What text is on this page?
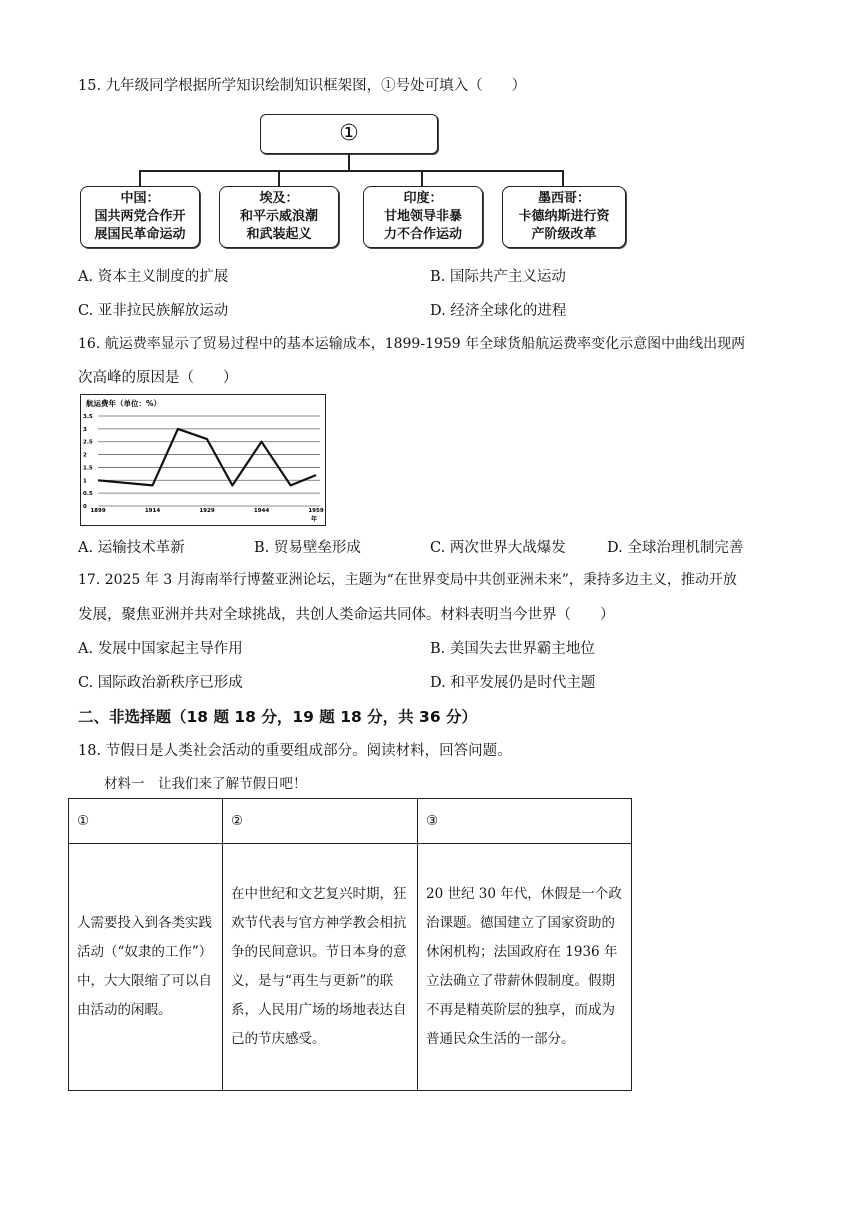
15. 九年级同学根据所学知识绘制知识框架图，①号处可填入（　　）
①
中国：
国共两党合作开
展国民革命运动
埃及：
和平示威浪潮
和武装起义
印度：
甘地领导非暴
力不合作运动
墨西哥：
卡德纳斯进行资
产阶级改革
A. 资本主义制度的扩展	B. 国际共产主义运动
C. 亚非拉民族解放运动	D. 经济全球化的进程
16. 航运费率显示了贸易过程中的基本运输成本，1899-1959 年全球货船航运费率变化示意图中曲线出现两
次高峰的原因是（　　）
航运费年（单位：%）
0
0.5
1
1.5
2
2.5
3
3.5
1899	1914	1929	1944	1959
年
A. 运输技术革新	B. 贸易壁垒形成	C. 两次世界大战爆发	D. 全球治理机制完善
17. 2025 年 3 月海南举行博鳌亚洲论坛，主题为“在世界变局中共创亚洲未来”，秉持多边主义，推动开放
发展，聚焦亚洲并共对全球挑战，共创人类命运共同体。材料表明当今世界（　　）
A. 发展中国家起主导作用	B. 美国失去世界霸主地位
C. 国际政治新秩序已形成	D. 和平发展仍是时代主题
二、非选择题（18 题 18 分，19 题 18 分，共 36 分）
18. 节假日是人类社会活动的重要组成部分。阅读材料，回答问题。
材料一　让我们来了解节假日吧！
①	②	③
人需要投入到各类实践活动（“奴隶的工作”）中，大大限缩了可以自由活动的闲暇。	在中世纪和文艺复兴时期，狂欢节代表与官方神学教会相抗争的民间意识。节日本身的意义，是与“再生与更新”的联系，人民用广场的场地表达自己的节庆感受。	20 世纪 30 年代，休假是一个政治课题。德国建立了国家资助的休闲机构；法国政府在 1936 年立法确立了带薪休假制度。假期不再是精英阶层的独享，而成为普通民众生活的一部分。
